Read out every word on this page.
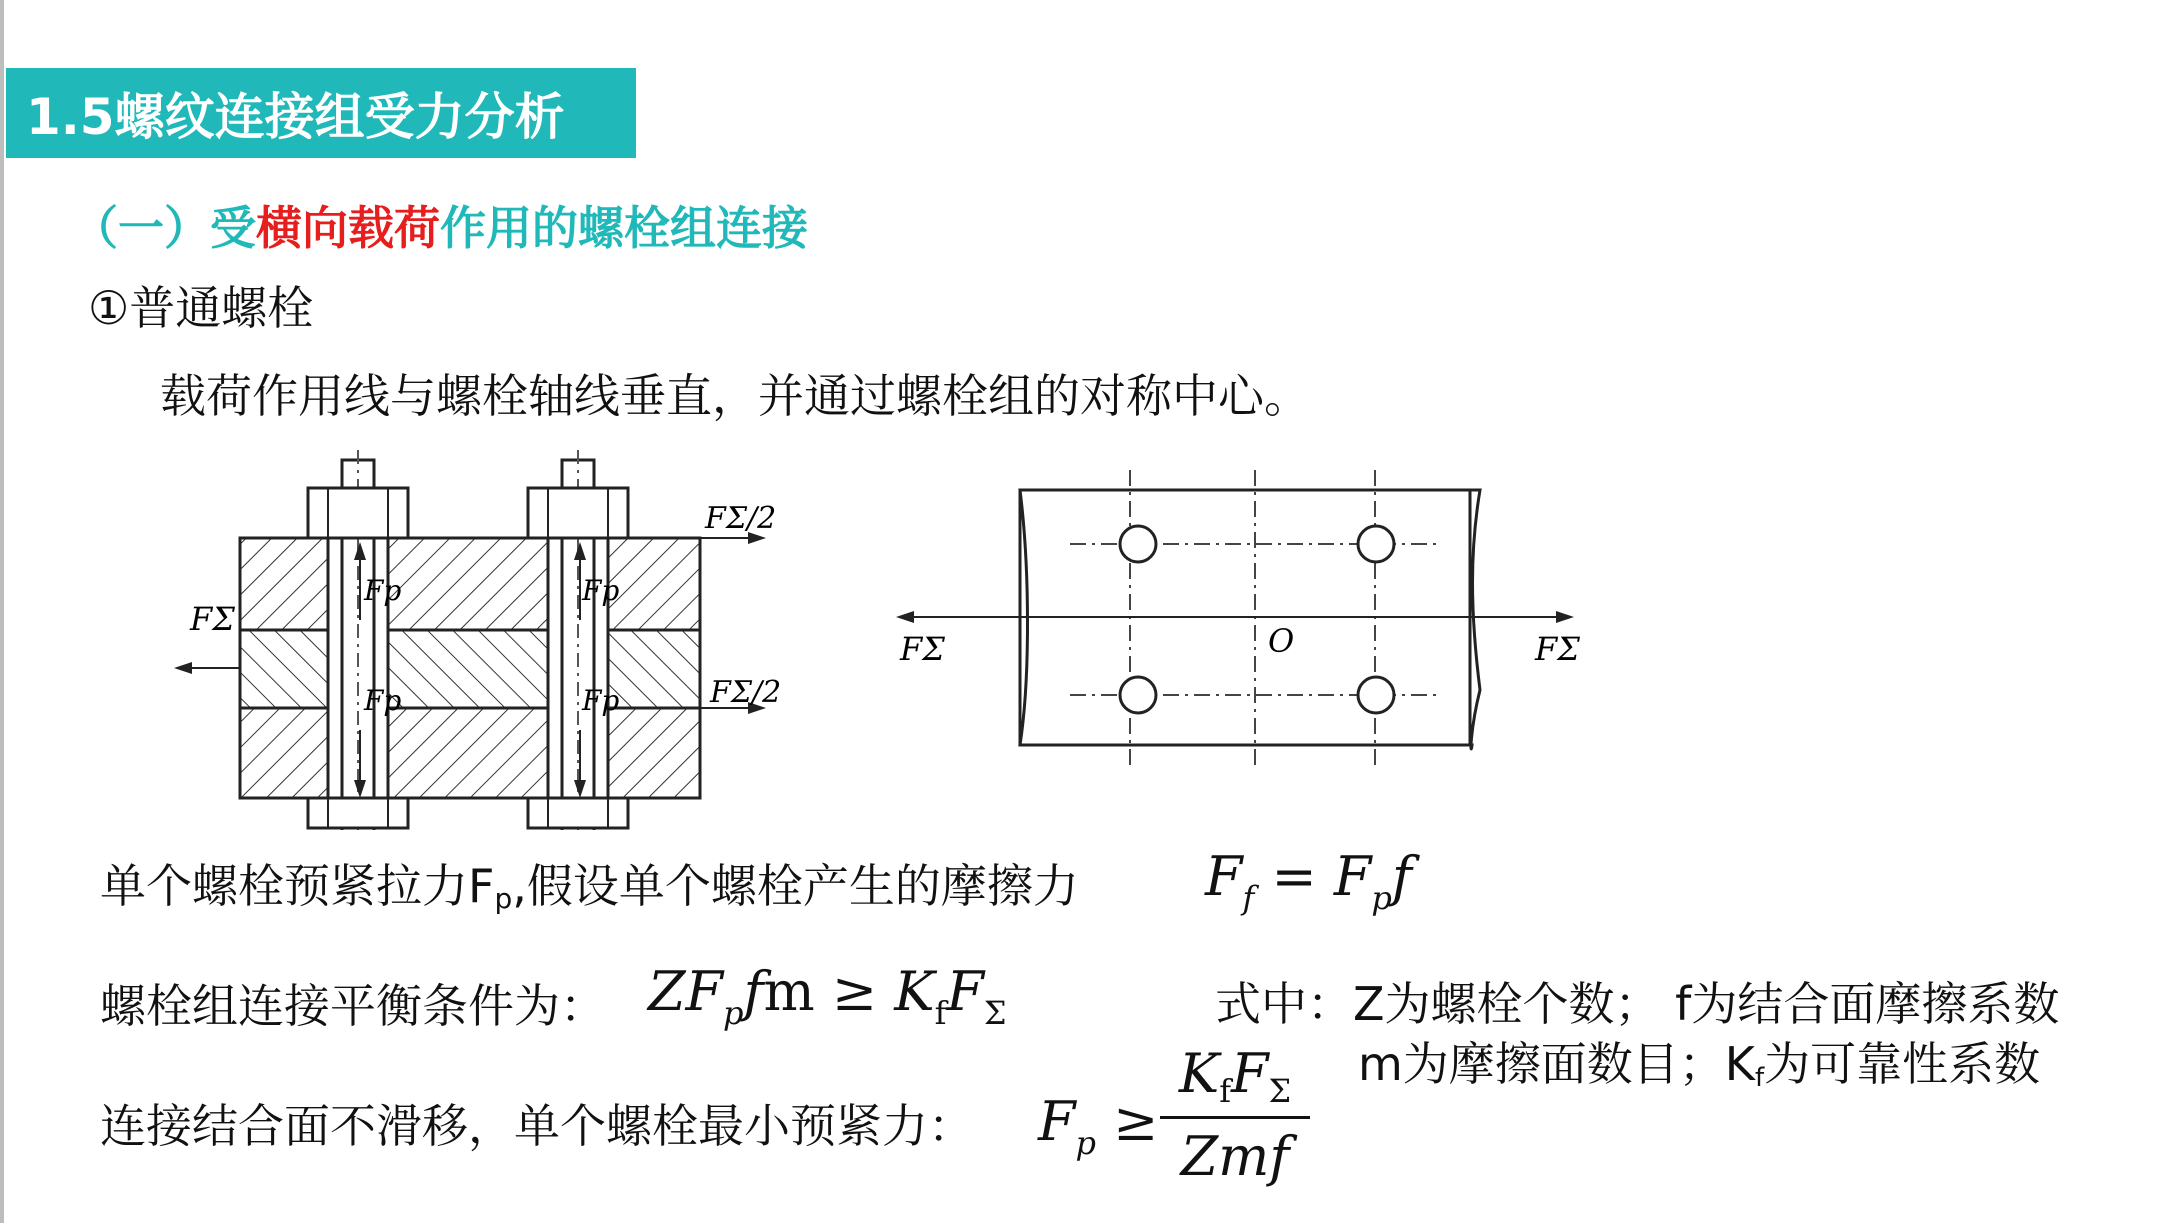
1.5螺纹连接组受力分析
（一）受横向载荷作用的螺栓组连接
①普通螺栓
载荷作用线与螺栓轴线垂直，并通过螺栓组的对称中心。
Fp
Fp
Fp
Fp
FΣ
FΣ/2
FΣ/2
FΣ	FΣ
O
单个螺栓预紧拉力$F_p$,假设单个螺栓产生的摩擦力 $F_f = F_pf$
螺栓组连接平衡条件为： $ZF_pfm \ge K_fF_\Sigma$	式中：Z为螺栓个数； f为结合面摩擦系数
m为摩擦面数目；$K_f$为可靠性系数
连接结合面不滑移，单个螺栓最小预紧力： $F_p$ ≥
$K_fF_\Sigma$
Zmf
